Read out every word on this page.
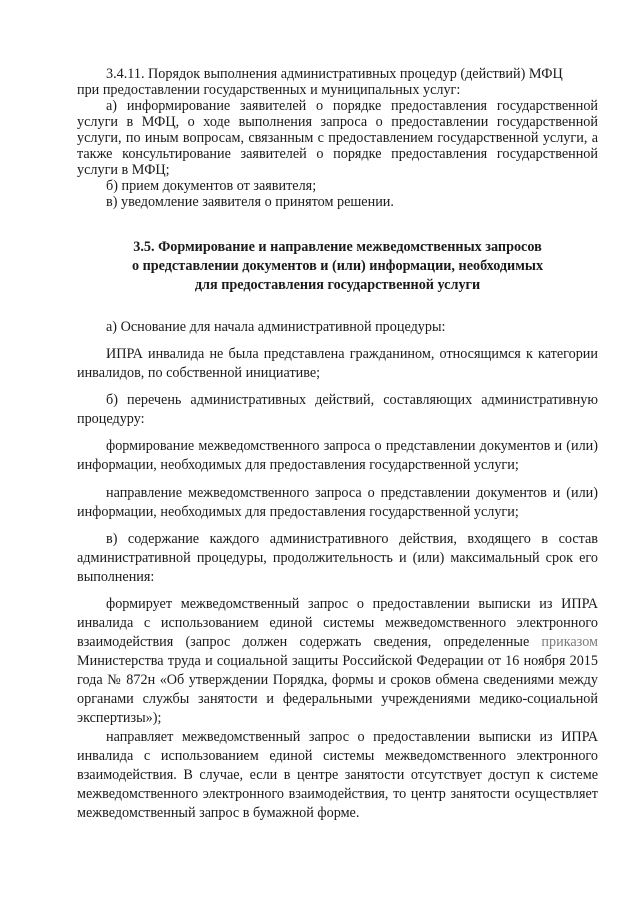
3.4.11. Порядок выполнения административных процедур (действий) МФЦ
при предоставлении государственных и муниципальных услуг:
а) информирование заявителей о порядке предоставления государственной услуги в МФЦ, о ходе выполнения запроса о предоставлении государственной услуги, по иным вопросам, связанным с предоставлением государственной услуги, а также консультирование заявителей о порядке предоставления государственной услуги в МФЦ;
б) прием документов от заявителя;
в) уведомление заявителя о принятом решении.
3.5. Формирование и направление межведомственных запросов
о представлении документов и (или) информации, необходимых
для предоставления государственной услуги

а) Основание для начала административной процедуры:

ИПРА инвалида не была представлена гражданином, относящимся к категории инвалидов, по собственной инициативе;

б) перечень административных действий, составляющих административную процедуру:

формирование межведомственного запроса о представлении документов и (или) информации, необходимых для предоставления государственной услуги;

направление межведомственного запроса о представлении документов и (или) информации, необходимых для предоставления государственной услуги;

в) содержание каждого административного действия, входящего в состав административной процедуры, продолжительность и (или) максимальный срок его выполнения:

формирует межведомственный запрос о предоставлении выписки из ИПРА инвалида с использованием единой системы межведомственного электронного взаимодействия (запрос должен содержать сведения, определенные приказом Министерства труда и социальной защиты Российской Федерации от 16 ноября 2015 года № 872н «Об утверждении Порядка, формы и сроков обмена сведениями между органами службы занятости и федеральными учреждениями медико-социальной экспертизы»);

направляет межведомственный запрос о предоставлении выписки из ИПРА инвалида с использованием единой системы межведомственного электронного взаимодействия. В случае, если в центре занятости отсутствует доступ к системе межведомственного электронного взаимодействия, то центр занятости осуществляет межведомственный запрос в бумажной форме.
